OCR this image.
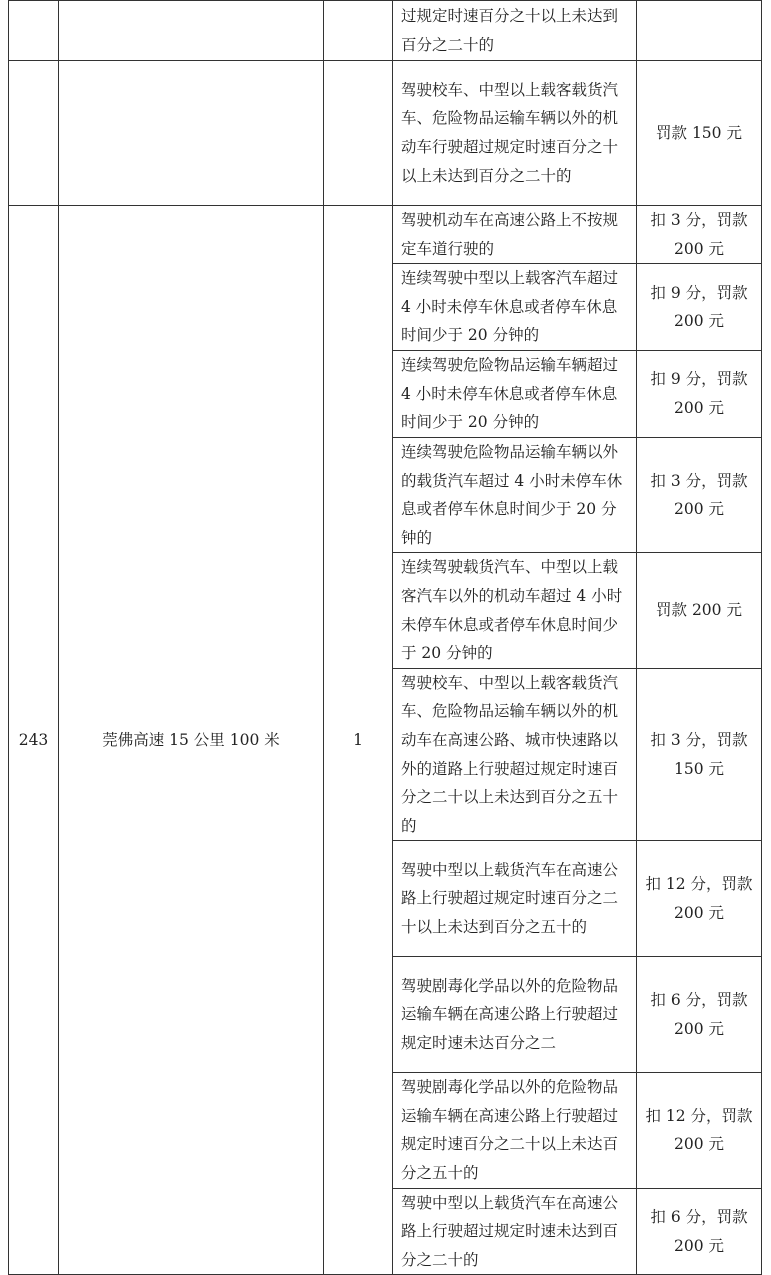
			过规定时速百分之十以上未达到百分之二十的	
			驾驶校车、中型以上载客载货汽车、危险物品运输车辆以外的机动车行驶超过规定时速百分之十以上未达到百分之二十的	罚款 150 元
243	莞佛高速 15 公里 100 米	1	驾驶机动车在高速公路上不按规定车道行驶的	扣 3 分，罚款 200 元

			连续驾驶中型以上载客汽车超过 4 小时未停车休息或者停车休息时间少于 20 分钟的	扣 9 分，罚款 200 元
			连续驾驶危险物品运输车辆超过 4 小时未停车休息或者停车休息时间少于 20 分钟的	扣 9 分，罚款 200 元
			连续驾驶危险物品运输车辆以外的载货汽车超过 4 小时未停车休息或者停车休息时间少于 20 分钟的	扣 3 分，罚款 200 元
			连续驾驶载货汽车、中型以上载客汽车以外的机动车超过 4 小时未停车休息或者停车休息时间少于 20 分钟的	罚款 200 元
			驾驶校车、中型以上载客载货汽车、危险物品运输车辆以外的机动车在高速公路、城市快速路以外的道路上行驶超过规定时速百分之二十以上未达到百分之五十的	扣 3 分，罚款 150 元
			驾驶中型以上载货汽车在高速公路上行驶超过规定时速百分之二十以上未达到百分之五十的	扣 12 分，罚款 200 元
			驾驶剧毒化学品以外的危险物品运输车辆在高速公路上行驶超过规定时速未达百分之二	扣 6 分，罚款 200 元
			驾驶剧毒化学品以外的危险物品运输车辆在高速公路上行驶超过规定时速百分之二十以上未达百分之五十的	扣 12 分，罚款 200 元
			驾驶中型以上载货汽车在高速公路上行驶超过规定时速未达到百分之二十的	扣 6 分，罚款 200 元
